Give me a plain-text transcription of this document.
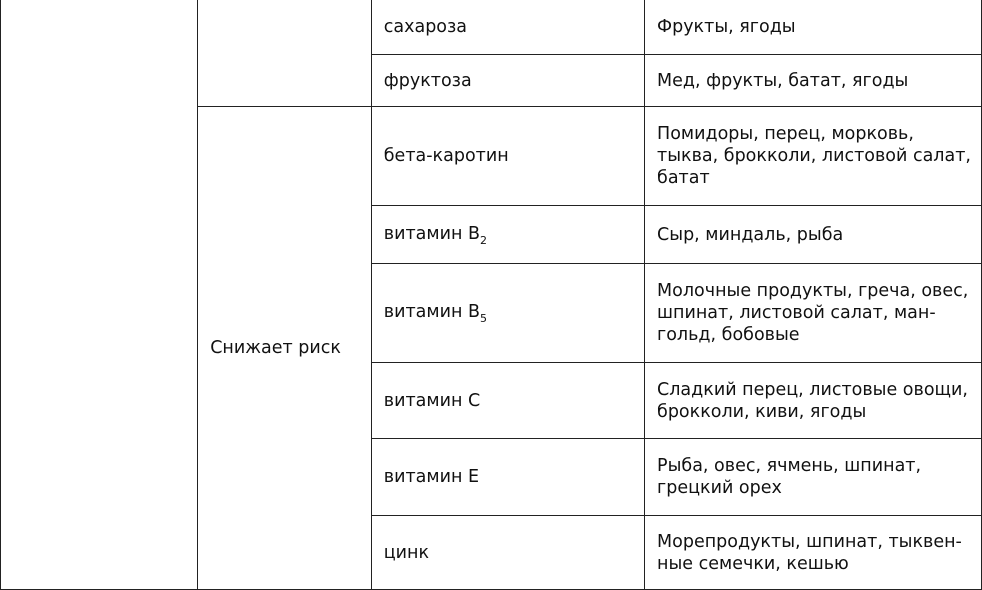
		сахароза	Фрукты, ягоды
		фруктоза	Мед, фрукты, батат, ягоды
	Снижает риск	бета-каротин	Помидоры, перец, морковь,
тыква, брокколи, листовой салат,
батат
		витамин $B_2$	Сыр, миндаль, рыба
		витамин $B_5$	Молочные продукты, греча, овес,
шпинат, листовой салат, ман-
гольд, бобовые
		витамин C	Сладкий перец, листовые овощи,
брокколи, киви, ягоды
		витамин E	Рыба, овес, ячмень, шпинат,
грецкий орех
		цинк	Морепродукты, шпинат, тыквен-
ные семечки, кешью
